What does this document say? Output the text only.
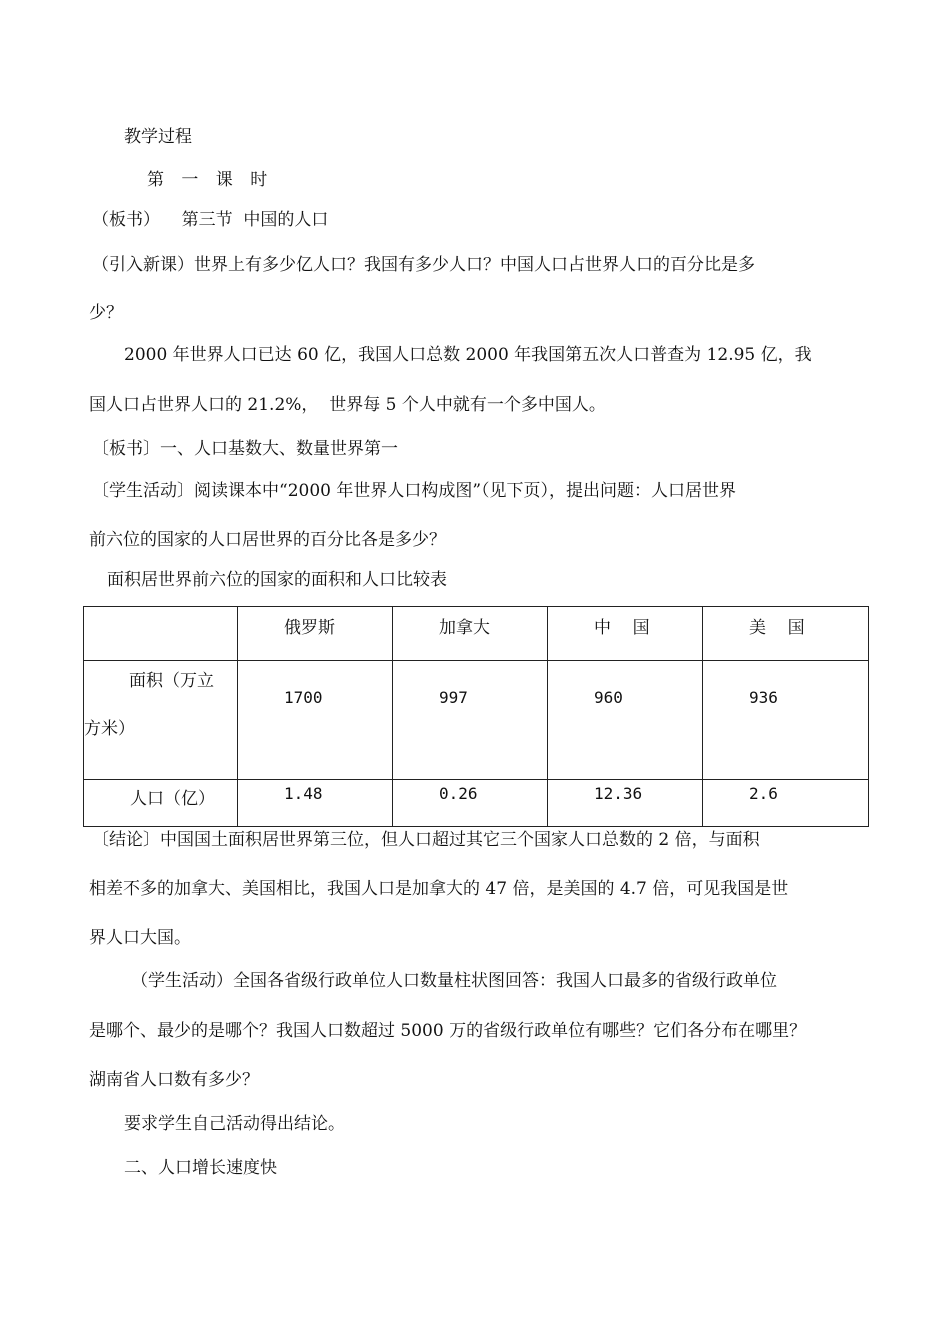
教学过程
第 一 课 时
（板书）    第三节  中国的人口
（引入新课）世界上有多少亿人口？我国有多少人口？中国人口占世界人口的百分比是多
少？
2000 年世界人口已达 60 亿，我国人口总数 2000 年我国第五次人口普查为 12.95 亿，我
国人口占世界人口的 21.2%，  世界每 5 个人中就有一个多中国人。
〔板书〕一、人口基数大、数量世界第一
〔学生活动〕阅读课本中“2000 年世界人口构成图”（见下页），提出问题：人口居世界
前六位的国家的人口居世界的百分比各是多少？
面积居世界前六位的国家的面积和人口比较表
	俄罗斯	加拿大	中    国	美    国

面积（万立
方米）	1700	997	960	936
人口（亿）	1.48	0.26	12.36	2.6
〔结论〕中国国土面积居世界第三位，但人口超过其它三个国家人口总数的 2 倍，与面积
相差不多的加拿大、美国相比，我国人口是加拿大的 47 倍，是美国的 4.7 倍，可见我国是世
界人口大国。
（学生活动）全国各省级行政单位人口数量柱状图回答：我国人口最多的省级行政单位
是哪个、最少的是哪个？我国人口数超过 5000 万的省级行政单位有哪些？它们各分布在哪里？
湖南省人口数有多少？
要求学生自己活动得出结论。
二、人口增长速度快
